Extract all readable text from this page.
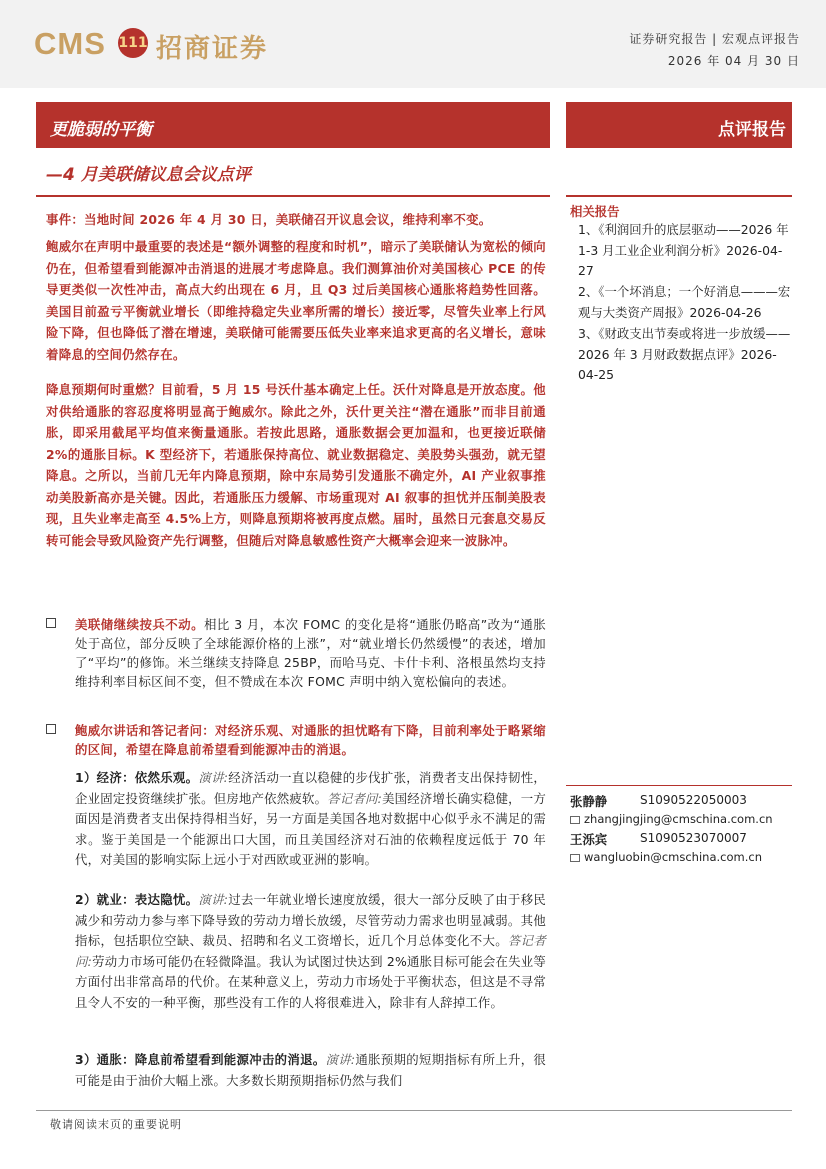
CMS 111 招商证券	证券研究报告 | 宏观点评报告
2026 年 04 月 30 日
更脆弱的平衡	点评报告
—4 月美联储议息会议点评
事件：当地时间 2026 年 4 月 30 日，美联储召开议息会议，维持利率不变。
鲍威尔在声明中最重要的表述是“额外调整的程度和时机”，暗示了美联储认为宽松的倾向仍在，但希望看到能源冲击消退的进展才考虑降息。我们测算油价对美国核心 PCE 的传导更类似一次性冲击，高点大约出现在 6 月，且 Q3 过后美国核心通胀将趋势性回落。美国目前盈亏平衡就业增长（即维持稳定失业率所需的增长）接近零，尽管失业率上行风险下降，但也降低了潜在增速，美联储可能需要压低失业率来追求更高的名义增长，意味着降息的空间仍然存在。
降息预期何时重燃？目前看，5 月 15 号沃什基本确定上任。沃什对降息是开放态度。他对供给通胀的容忍度将明显高于鲍威尔。除此之外，沃什更关注“潜在通胀”而非目前通胀，即采用截尾平均值来衡量通胀。若按此思路，通胀数据会更加温和，也更接近联储 2%的通胀目标。K 型经济下，若通胀保持高位、就业数据稳定、美股势头强劲，就无望降息。之所以，当前几无年内降息预期，除中东局势引发通胀不确定外，AI 产业叙事推动美股新高亦是关键。因此，若通胀压力缓解、市场重现对 AI 叙事的担忧并压制美股表现，且失业率走高至 4.5%上方，则降息预期将被再度点燃。届时，虽然日元套息交易反转可能会导致风险资产先行调整，但随后对降息敏感性资产大概率会迎来一波脉冲。
美联储继续按兵不动。相比 3 月，本次 FOMC 的变化是将“通胀仍略高”改为“通胀处于高位，部分反映了全球能源价格的上涨”，对“就业增长仍然缓慢”的表述，增加了“平均”的修饰。米兰继续支持降息 25BP，而哈马克、卡什卡利、洛根虽然均支持维持利率目标区间不变，但不赞成在本次 FOMC 声明中纳入宽松偏向的表述。
鲍威尔讲话和答记者问：对经济乐观、对通胀的担忧略有下降，目前利率处于略紧缩的区间，希望在降息前希望看到能源冲击的消退。
1）经济：依然乐观。演讲:经济活动一直以稳健的步伐扩张，消费者支出保持韧性，企业固定投资继续扩张。但房地产依然疲软。答记者问:美国经济增长确实稳健，一方面因是消费者支出保持得相当好，另一方面是美国各地对数据中心似乎永不满足的需求。鉴于美国是一个能源出口大国，而且美国经济对石油的依赖程度远低于 70 年代，对美国的影响实际上远小于对西欧或亚洲的影响。
2）就业：表达隐忧。演讲:过去一年就业增长速度放缓，很大一部分反映了由于移民减少和劳动力参与率下降导致的劳动力增长放缓，尽管劳动力需求也明显减弱。其他指标，包括职位空缺、裁员、招聘和名义工资增长，近几个月总体变化不大。答记者问:劳动力市场可能仍在轻微降温。我认为试图过快达到 2%通胀目标可能会在失业等方面付出非常高昂的代价。在某种意义上，劳动力市场处于平衡状态，但这是不寻常且令人不安的一种平衡，那些没有工作的人将很难进入，除非有人辞掉工作。
3）通胀：降息前希望看到能源冲击的消退。演讲:通胀预期的短期指标有所上升，很可能是由于油价大幅上涨。大多数长期预期指标仍然与我们
相关报告
1、《利润回升的底层驱动——2026 年 1-3 月工业企业利润分析》2026-04-27
2、《一个坏消息；一个好消息———宏观与大类资产周报》2026-04-26
3、《财政支出节奏或将进一步放缓——2026 年 3 月财政数据点评》2026-04-25
张静静	S1090522050003
zhangjingjing@cmschina.com.cn
王泺宾	S1090523070007
wangluobin@cmschina.com.cn
敬请阅读末页的重要说明
